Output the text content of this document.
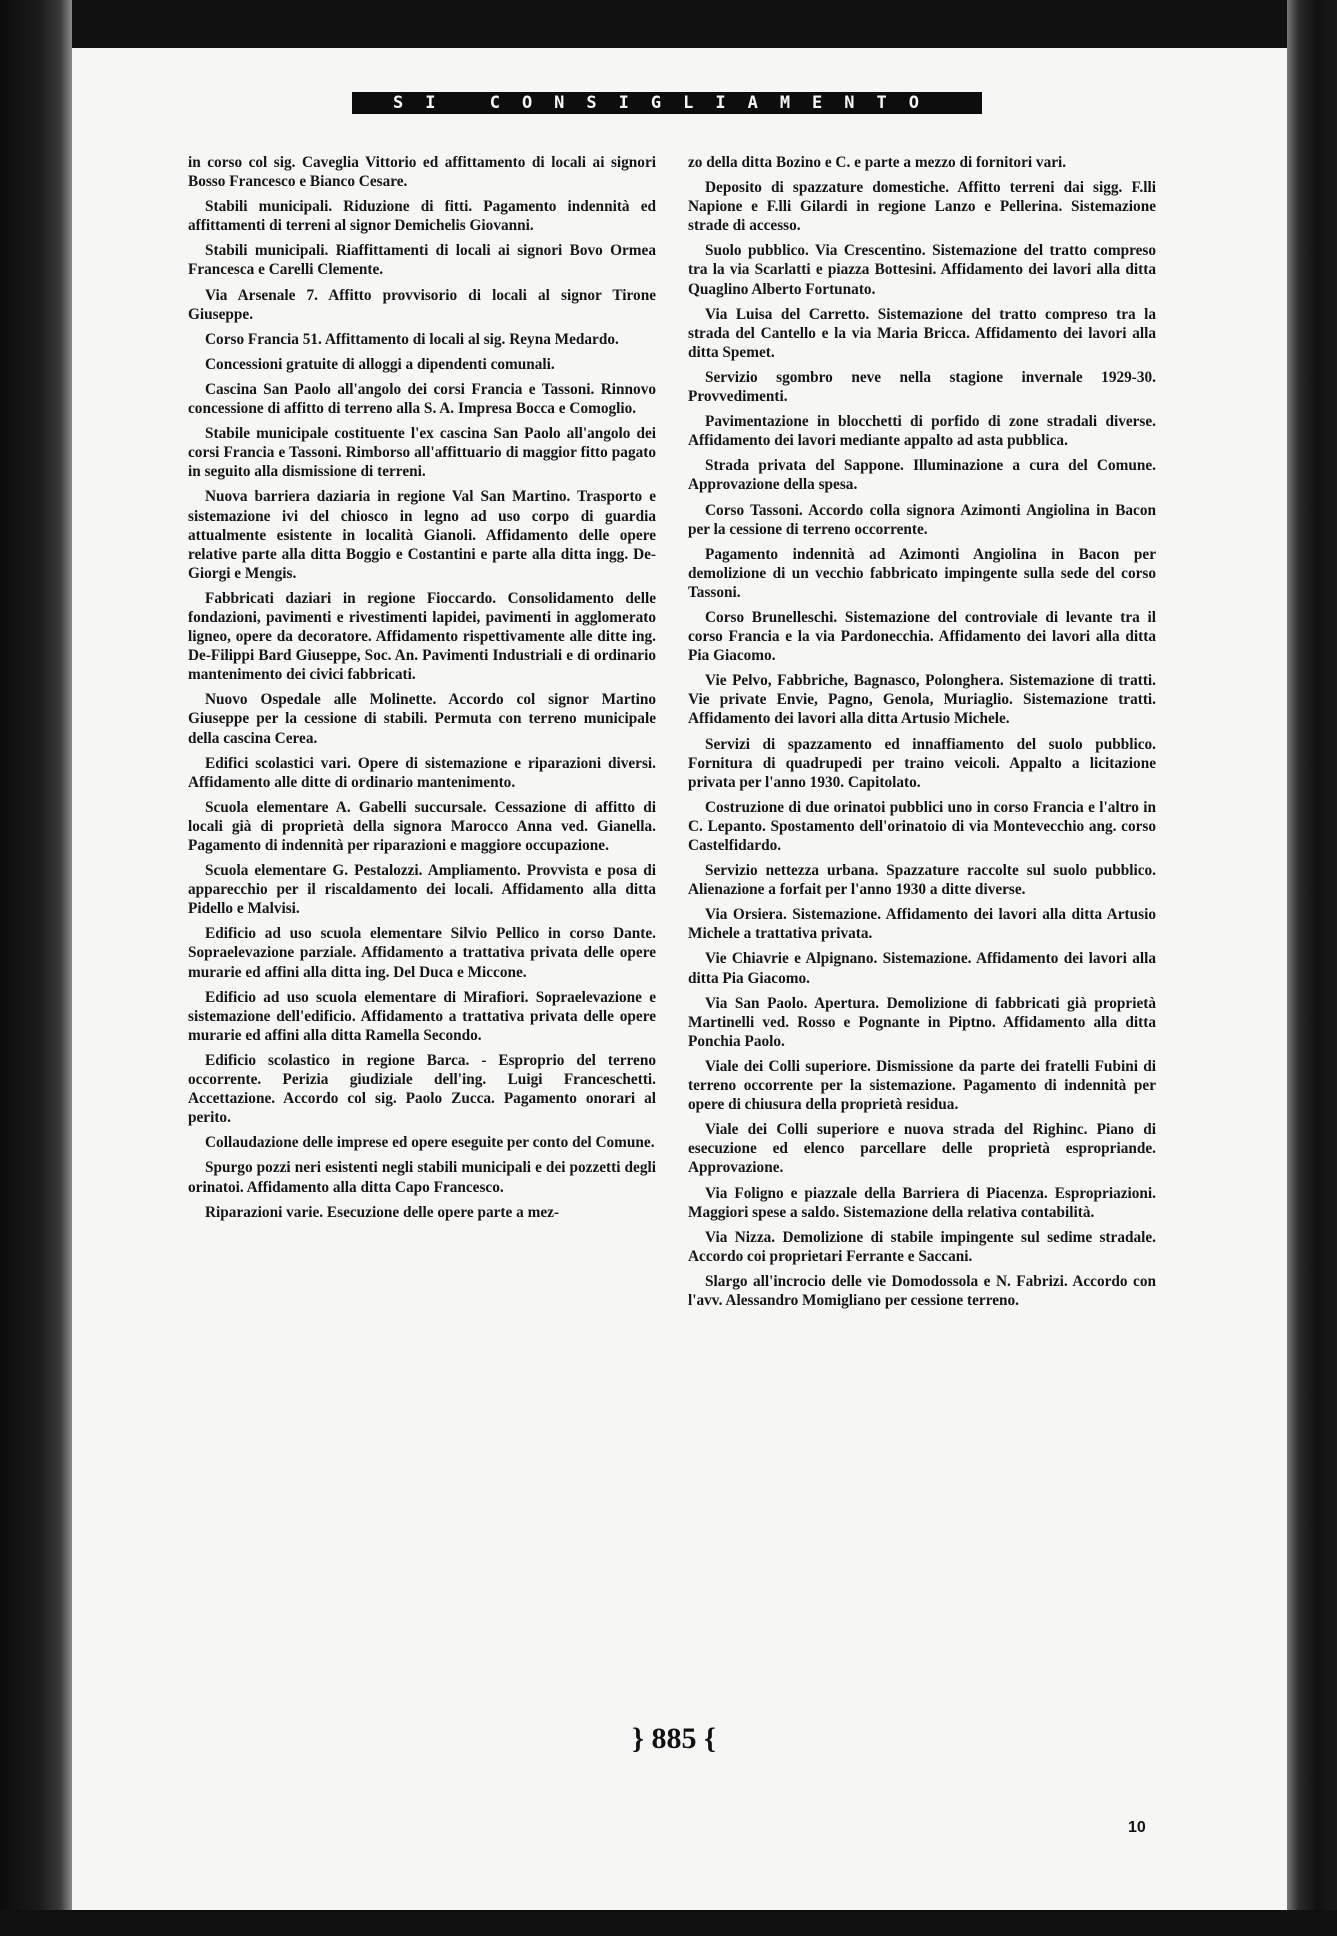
SI CONSIGLIAMENTO

in corso col sig. Caveglia Vittorio ed affittamento di locali ai signori Bosso Francesco e Bianco Cesare.

Stabili municipali. Riduzione di fitti. Pagamento indennità ed affittamenti di terreni al signor Demichelis Giovanni.

Stabili municipali. Riaffittamenti di locali ai signori Bovo Ormea Francesca e Carelli Clemente.

Via Arsenale 7. Affitto provvisorio di locali al signor Tirone Giuseppe.

Corso Francia 51. Affittamento di locali al sig. Reyna Medardo.

Concessioni gratuite di alloggi a dipendenti comunali.

Cascina San Paolo all'angolo dei corsi Francia e Tassoni. Rinnovo concessione di affitto di terreno alla S. A. Impresa Bocca e Comoglio.

Stabile municipale costituente l'ex cascina San Paolo all'angolo dei corsi Francia e Tassoni. Rimborso all'affittuario di maggior fitto pagato in seguito alla dismissione di terreni.

Nuova barriera daziaria in regione Val San Martino. Trasporto e sistemazione ivi del chiosco in legno ad uso corpo di guardia attualmente esistente in località Gianoli. Affidamento delle opere relative parte alla ditta Boggio e Costantini e parte alla ditta ingg. De-Giorgi e Mengis.

Fabbricati daziari in regione Fioccardo. Consolidamento delle fondazioni, pavimenti e rivestimenti lapidei, pavimenti in agglomerato ligneo, opere da decoratore. Affidamento rispettivamente alle ditte ing. De-Filippi Bard Giuseppe, Soc. An. Pavimenti Industriali e di ordinario mantenimento dei civici fabbricati.

Nuovo Ospedale alle Molinette. Accordo col signor Martino Giuseppe per la cessione di stabili. Permuta con terreno municipale della cascina Cerea.

Edifici scolastici vari. Opere di sistemazione e riparazioni diversi. Affidamento alle ditte di ordinario mantenimento.

Scuola elementare A. Gabelli succursale. Cessazione di affitto di locali già di proprietà della signora Marocco Anna ved. Gianella. Pagamento di indennità per riparazioni e maggiore occupazione.

Scuola elementare G. Pestalozzi. Ampliamento. Provvista e posa di apparecchio per il riscaldamento dei locali. Affidamento alla ditta Pidello e Malvisi.

Edificio ad uso scuola elementare Silvio Pellico in corso Dante. Sopraelevazione parziale. Affidamento a trattativa privata delle opere murarie ed affini alla ditta ing. Del Duca e Miccone.

Edificio ad uso scuola elementare di Mirafiori. Sopraelevazione e sistemazione dell'edificio. Affidamento a trattativa privata delle opere murarie ed affini alla ditta Ramella Secondo.

Edificio scolastico in regione Barca. - Esproprio del terreno occorrente. Perizia giudiziale dell'ing. Luigi Franceschetti. Accettazione. Accordo col sig. Paolo Zucca. Pagamento onorari al perito.

Collaudazione delle imprese ed opere eseguite per conto del Comune.

Spurgo pozzi neri esistenti negli stabili municipali e dei pozzetti degli orinatoi. Affidamento alla ditta Capo Francesco.

Riparazioni varie. Esecuzione delle opere parte a mez-

zo della ditta Bozino e C. e parte a mezzo di fornitori vari.

Deposito di spazzature domestiche. Affitto terreni dai sigg. F.lli Napione e F.lli Gilardi in regione Lanzo e Pellerina. Sistemazione strade di accesso.

Suolo pubblico. Via Crescentino. Sistemazione del tratto compreso tra la via Scarlatti e piazza Bottesini. Affidamento dei lavori alla ditta Quaglino Alberto Fortunato.

Via Luisa del Carretto. Sistemazione del tratto compreso tra la strada del Cantello e la via Maria Bricca. Affidamento dei lavori alla ditta Spemet.

Servizio sgombro neve nella stagione invernale 1929-30. Provvedimenti.

Pavimentazione in blocchetti di porfido di zone stradali diverse. Affidamento dei lavori mediante appalto ad asta pubblica.

Strada privata del Sappone. Illuminazione a cura del Comune. Approvazione della spesa.

Corso Tassoni. Accordo colla signora Azimonti Angiolina in Bacon per la cessione di terreno occorrente.

Pagamento indennità ad Azimonti Angiolina in Bacon per demolizione di un vecchio fabbricato impingente sulla sede del corso Tassoni.

Corso Brunelleschi. Sistemazione del controviale di levante tra il corso Francia e la via Pardonecchia. Affidamento dei lavori alla ditta Pia Giacomo.

Vie Pelvo, Fabbriche, Bagnasco, Polonghera. Sistemazione di tratti. Vie private Envie, Pagno, Genola, Muriaglio. Sistemazione tratti. Affidamento dei lavori alla ditta Artusio Michele.

Servizi di spazzamento ed innaffiamento del suolo pubblico. Fornitura di quadrupedi per traino veicoli. Appalto a licitazione privata per l'anno 1930. Capitolato.

Costruzione di due orinatoi pubblici uno in corso Francia e l'altro in C. Lepanto. Spostamento dell'orinatoio di via Montevecchio ang. corso Castelfidardo.

Servizio nettezza urbana. Spazzature raccolte sul suolo pubblico. Alienazione a forfait per l'anno 1930 a ditte diverse.

Via Orsiera. Sistemazione. Affidamento dei lavori alla ditta Artusio Michele a trattativa privata.

Vie Chiavrie e Alpignano. Sistemazione. Affidamento dei lavori alla ditta Pia Giacomo.

Via San Paolo. Apertura. Demolizione di fabbricati già proprietà Martinelli ved. Rosso e Pognante in Piptno. Affidamento alla ditta Ponchia Paolo.

Viale dei Colli superiore. Dismissione da parte dei fratelli Fubini di terreno occorrente per la sistemazione. Pagamento di indennità per opere di chiusura della proprietà residua.

Viale dei Colli superiore e nuova strada del Righinc. Piano di esecuzione ed elenco parcellare delle proprietà espropriande. Approvazione.

Via Foligno e piazzale della Barriera di Piacenza. Espropriazioni. Maggiori spese a saldo. Sistemazione della relativa contabilità.

Via Nizza. Demolizione di stabile impingente sul sedime stradale. Accordo coi proprietari Ferrante e Saccani.

Slargo all'incrocio delle vie Domodossola e N. Fabrizi. Accordo con l'avv. Alessandro Momigliano per cessione terreno.

} 885 {
10
